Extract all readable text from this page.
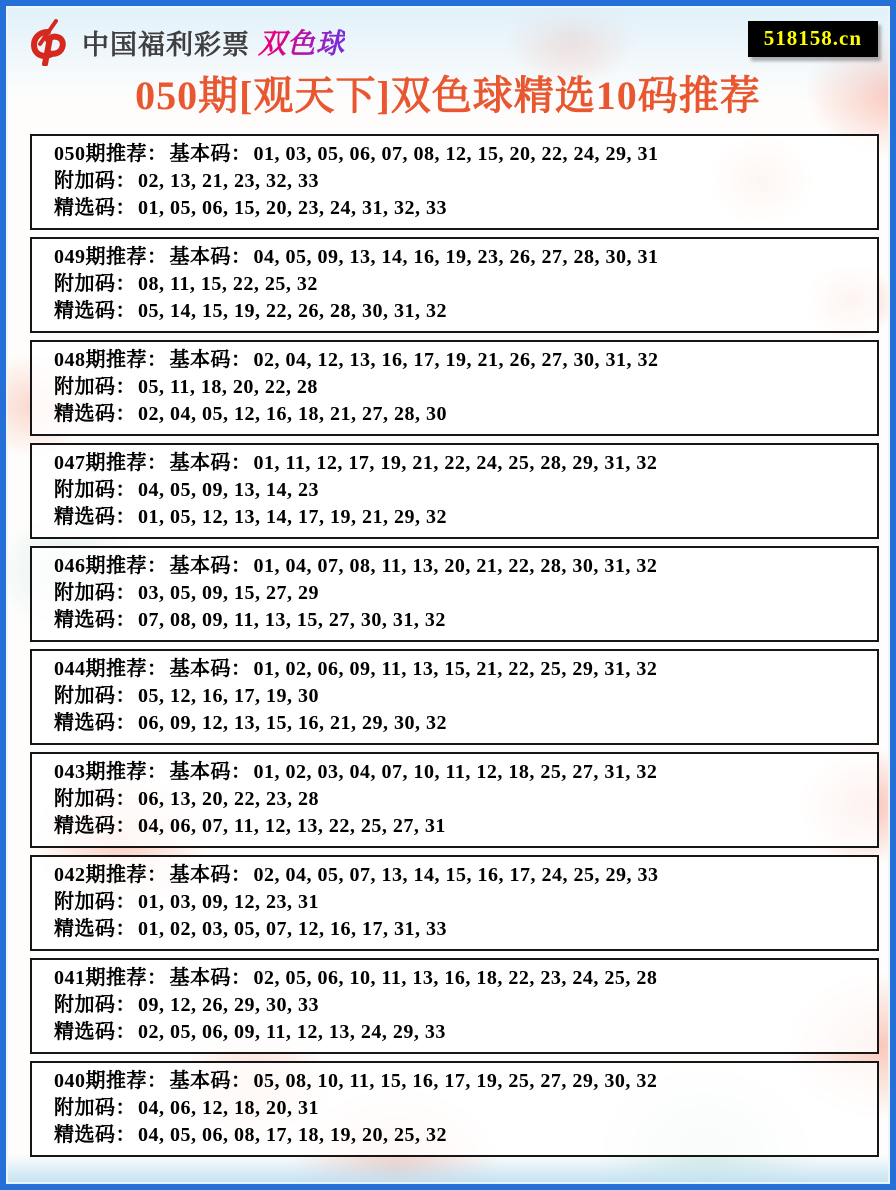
中国福利彩票 双色球	518158.cn
050期[观天下]双色球精选10码推荐
050期推荐： 基本码： 01, 03, 05, 06, 07, 08, 12, 15, 20, 22, 24, 29, 31
附加码： 02, 13, 21, 23, 32, 33
精选码： 01, 05, 06, 15, 20, 23, 24, 31, 32, 33
049期推荐： 基本码： 04, 05, 09, 13, 14, 16, 19, 23, 26, 27, 28, 30, 31
附加码： 08, 11, 15, 22, 25, 32
精选码： 05, 14, 15, 19, 22, 26, 28, 30, 31, 32
048期推荐： 基本码： 02, 04, 12, 13, 16, 17, 19, 21, 26, 27, 30, 31, 32
附加码： 05, 11, 18, 20, 22, 28
精选码： 02, 04, 05, 12, 16, 18, 21, 27, 28, 30
047期推荐： 基本码： 01, 11, 12, 17, 19, 21, 22, 24, 25, 28, 29, 31, 32
附加码： 04, 05, 09, 13, 14, 23
精选码： 01, 05, 12, 13, 14, 17, 19, 21, 29, 32
046期推荐： 基本码： 01, 04, 07, 08, 11, 13, 20, 21, 22, 28, 30, 31, 32
附加码： 03, 05, 09, 15, 27, 29
精选码： 07, 08, 09, 11, 13, 15, 27, 30, 31, 32
044期推荐： 基本码： 01, 02, 06, 09, 11, 13, 15, 21, 22, 25, 29, 31, 32
附加码： 05, 12, 16, 17, 19, 30
精选码： 06, 09, 12, 13, 15, 16, 21, 29, 30, 32
043期推荐： 基本码： 01, 02, 03, 04, 07, 10, 11, 12, 18, 25, 27, 31, 32
附加码： 06, 13, 20, 22, 23, 28
精选码： 04, 06, 07, 11, 12, 13, 22, 25, 27, 31
042期推荐： 基本码： 02, 04, 05, 07, 13, 14, 15, 16, 17, 24, 25, 29, 33
附加码： 01, 03, 09, 12, 23, 31
精选码： 01, 02, 03, 05, 07, 12, 16, 17, 31, 33
041期推荐： 基本码： 02, 05, 06, 10, 11, 13, 16, 18, 22, 23, 24, 25, 28
附加码： 09, 12, 26, 29, 30, 33
精选码： 02, 05, 06, 09, 11, 12, 13, 24, 29, 33
040期推荐： 基本码： 05, 08, 10, 11, 15, 16, 17, 19, 25, 27, 29, 30, 32
附加码： 04, 06, 12, 18, 20, 31
精选码： 04, 05, 06, 08, 17, 18, 19, 20, 25, 32
